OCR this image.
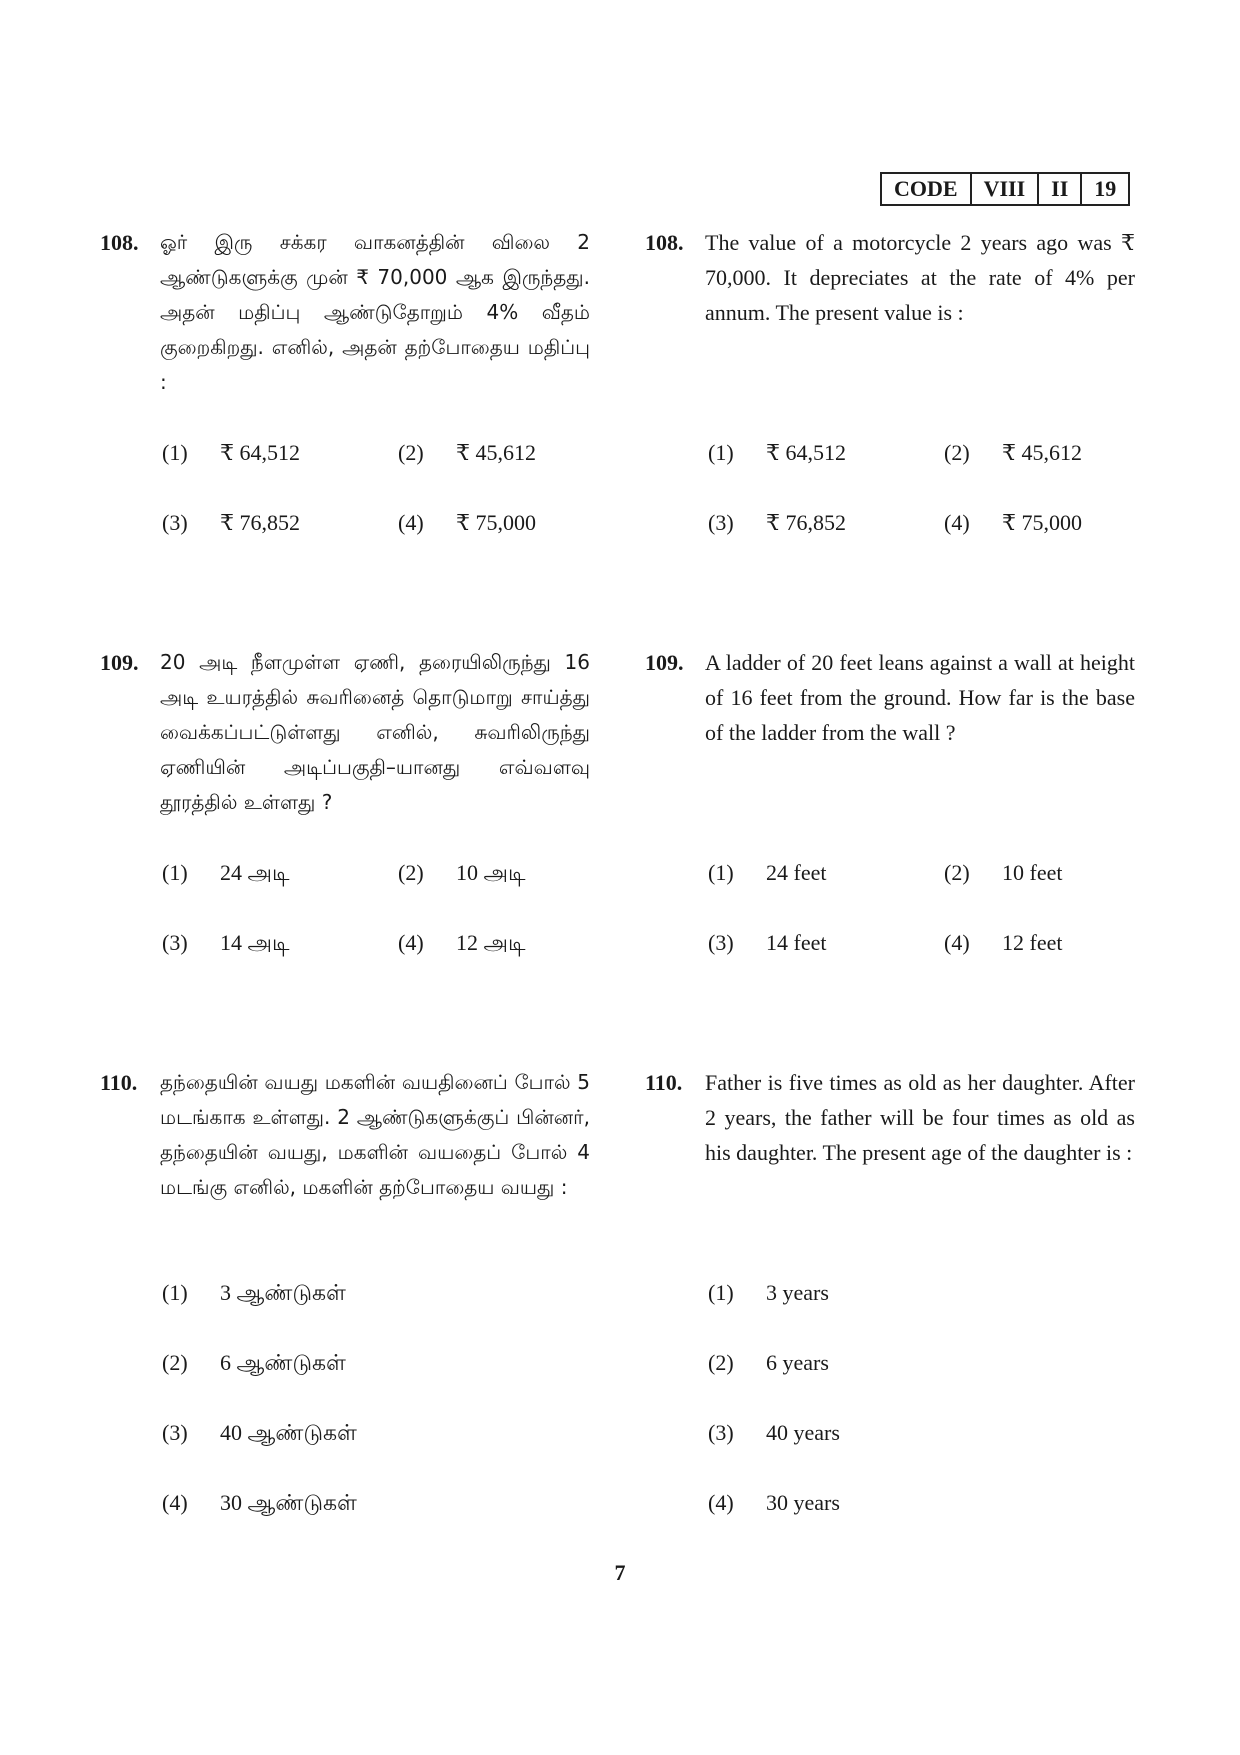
CODE	VIII	II	19
108. ஓர் இரு சக்கர வாகனத்தின் விலை 2 ஆண்டுகளுக்கு முன் ₹ 70,000 ஆக இருந்தது. அதன் மதிப்பு ஆண்டுதோறும் 4% வீதம் குறைகிறது. எனில், அதன் தற்போதைய மதிப்பு :
108. The value of a motorcycle 2 years ago was ₹ 70,000. It depreciates at the rate of 4% per annum. The present value is :
(1)	₹ 64,512	(2)	₹ 45,612
(3)	₹ 76,852	(4)	₹ 75,000
(1)	₹ 64,512	(2)	₹ 45,612
(3)	₹ 76,852	(4)	₹ 75,000
109. 20 அடி நீளமுள்ள ஏணி, தரையிலிருந்து 16 அடி உயரத்தில் சுவரினைத் தொடுமாறு சாய்த்து வைக்கப்பட்டுள்ளது எனில், சுவரிலிருந்து ஏணியின் அடிப்பகுதி–யானது எவ்வளவு தூரத்தில் உள்ளது ?
109. A ladder of 20 feet leans against a wall at height of 16 feet from the ground. How far is the base of the ladder from the wall ?
(1)	24 அடி	(2)	10 அடி
(3)	14 அடி	(4)	12 அடி
(1)	24 feet	(2)	10 feet
(3)	14 feet	(4)	12 feet
110. தந்தையின் வயது மகளின் வயதினைப் போல் 5 மடங்காக உள்ளது. 2 ஆண்டுகளுக்குப் பின்னர், தந்தையின் வயது, மகளின் வயதைப் போல் 4 மடங்கு எனில், மகளின் தற்போதைய வயது :
110. Father is five times as old as her daughter. After 2 years, the father will be four times as old as his daughter. The present age of the daughter is :
(1)	3 ஆண்டுகள்
(2)	6 ஆண்டுகள்
(3)	40 ஆண்டுகள்
(4)	30 ஆண்டுகள்
(1)	3 years
(2)	6 years
(3)	40 years
(4)	30 years
7
